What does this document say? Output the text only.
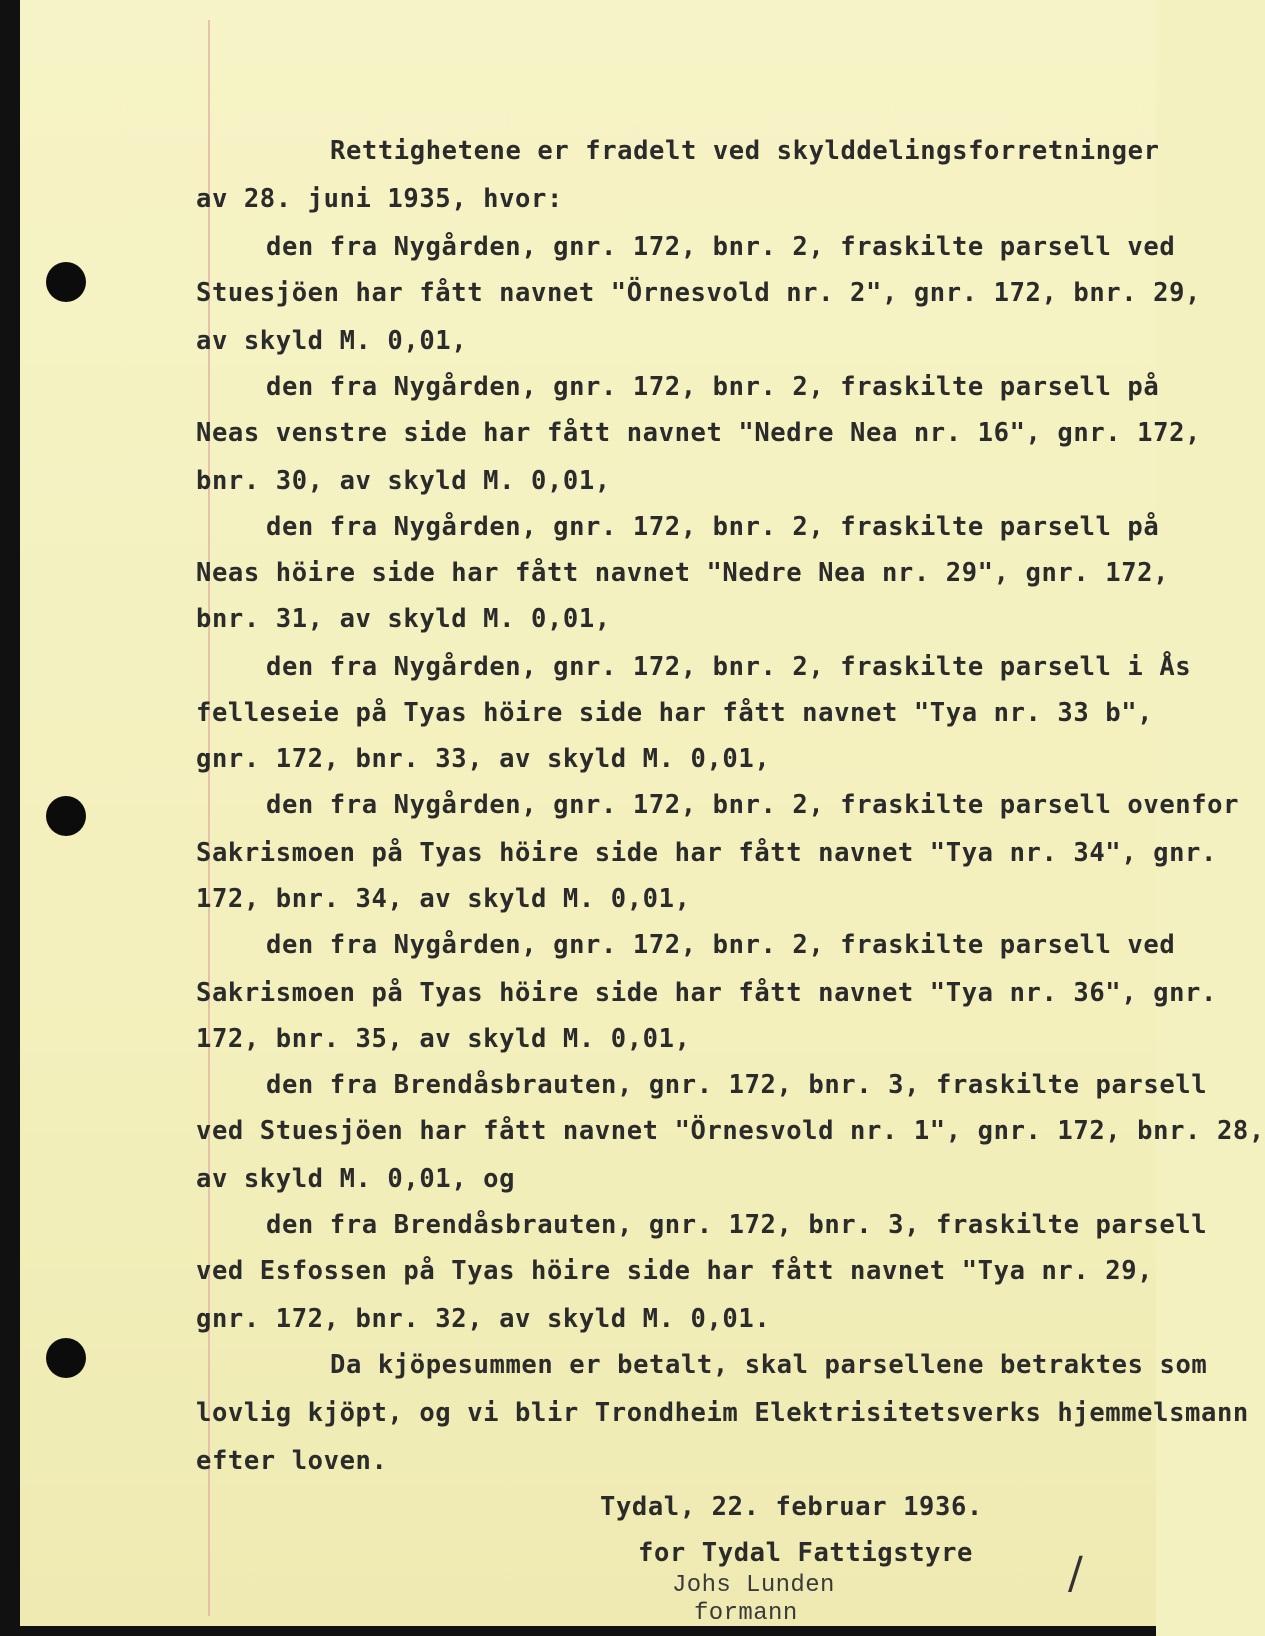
Rettighetene er fradelt ved skylddelingsforretninger
av 28. juni 1935, hvor:
den fra Nygården, gnr. 172, bnr. 2, fraskilte parsell ved
Stuesjöen har fått navnet "Örnesvold nr. 2", gnr. 172, bnr. 29,
av skyld M. 0,01,
den fra Nygården, gnr. 172, bnr. 2, fraskilte parsell på
Neas venstre side har fått navnet "Nedre Nea nr. 16", gnr. 172,
bnr. 30, av skyld M. 0,01,
den fra Nygården, gnr. 172, bnr. 2, fraskilte parsell på
Neas höire side har fått navnet "Nedre Nea nr. 29", gnr. 172,
bnr. 31, av skyld M. 0,01,
den fra Nygården, gnr. 172, bnr. 2, fraskilte parsell i Ås
felleseie på Tyas höire side har fått navnet "Tya nr. 33 b",
gnr. 172, bnr. 33, av skyld M. 0,01,
den fra Nygården, gnr. 172, bnr. 2, fraskilte parsell ovenfor
Sakrismoen på Tyas höire side har fått navnet "Tya nr. 34", gnr.
172, bnr. 34, av skyld M. 0,01,
den fra Nygården, gnr. 172, bnr. 2, fraskilte parsell ved
Sakrismoen på Tyas höire side har fått navnet "Tya nr. 36", gnr.
172, bnr. 35, av skyld M. 0,01,
den fra Brendåsbrauten, gnr. 172, bnr. 3, fraskilte parsell
ved Stuesjöen har fått navnet "Örnesvold nr. 1", gnr. 172, bnr. 28,
av skyld M. 0,01, og
den fra Brendåsbrauten, gnr. 172, bnr. 3, fraskilte parsell
ved Esfossen på Tyas höire side har fått navnet "Tya nr. 29,
gnr. 172, bnr. 32, av skyld M. 0,01.
Da kjöpesummen er betalt, skal parsellene betraktes som
lovlig kjöpt, og vi blir Trondheim Elektrisitetsverks hjemmelsmann
efter loven.
Tydal, 22. februar 1936.
for Tydal Fattigstyre
Johs Lunden
formann
/
